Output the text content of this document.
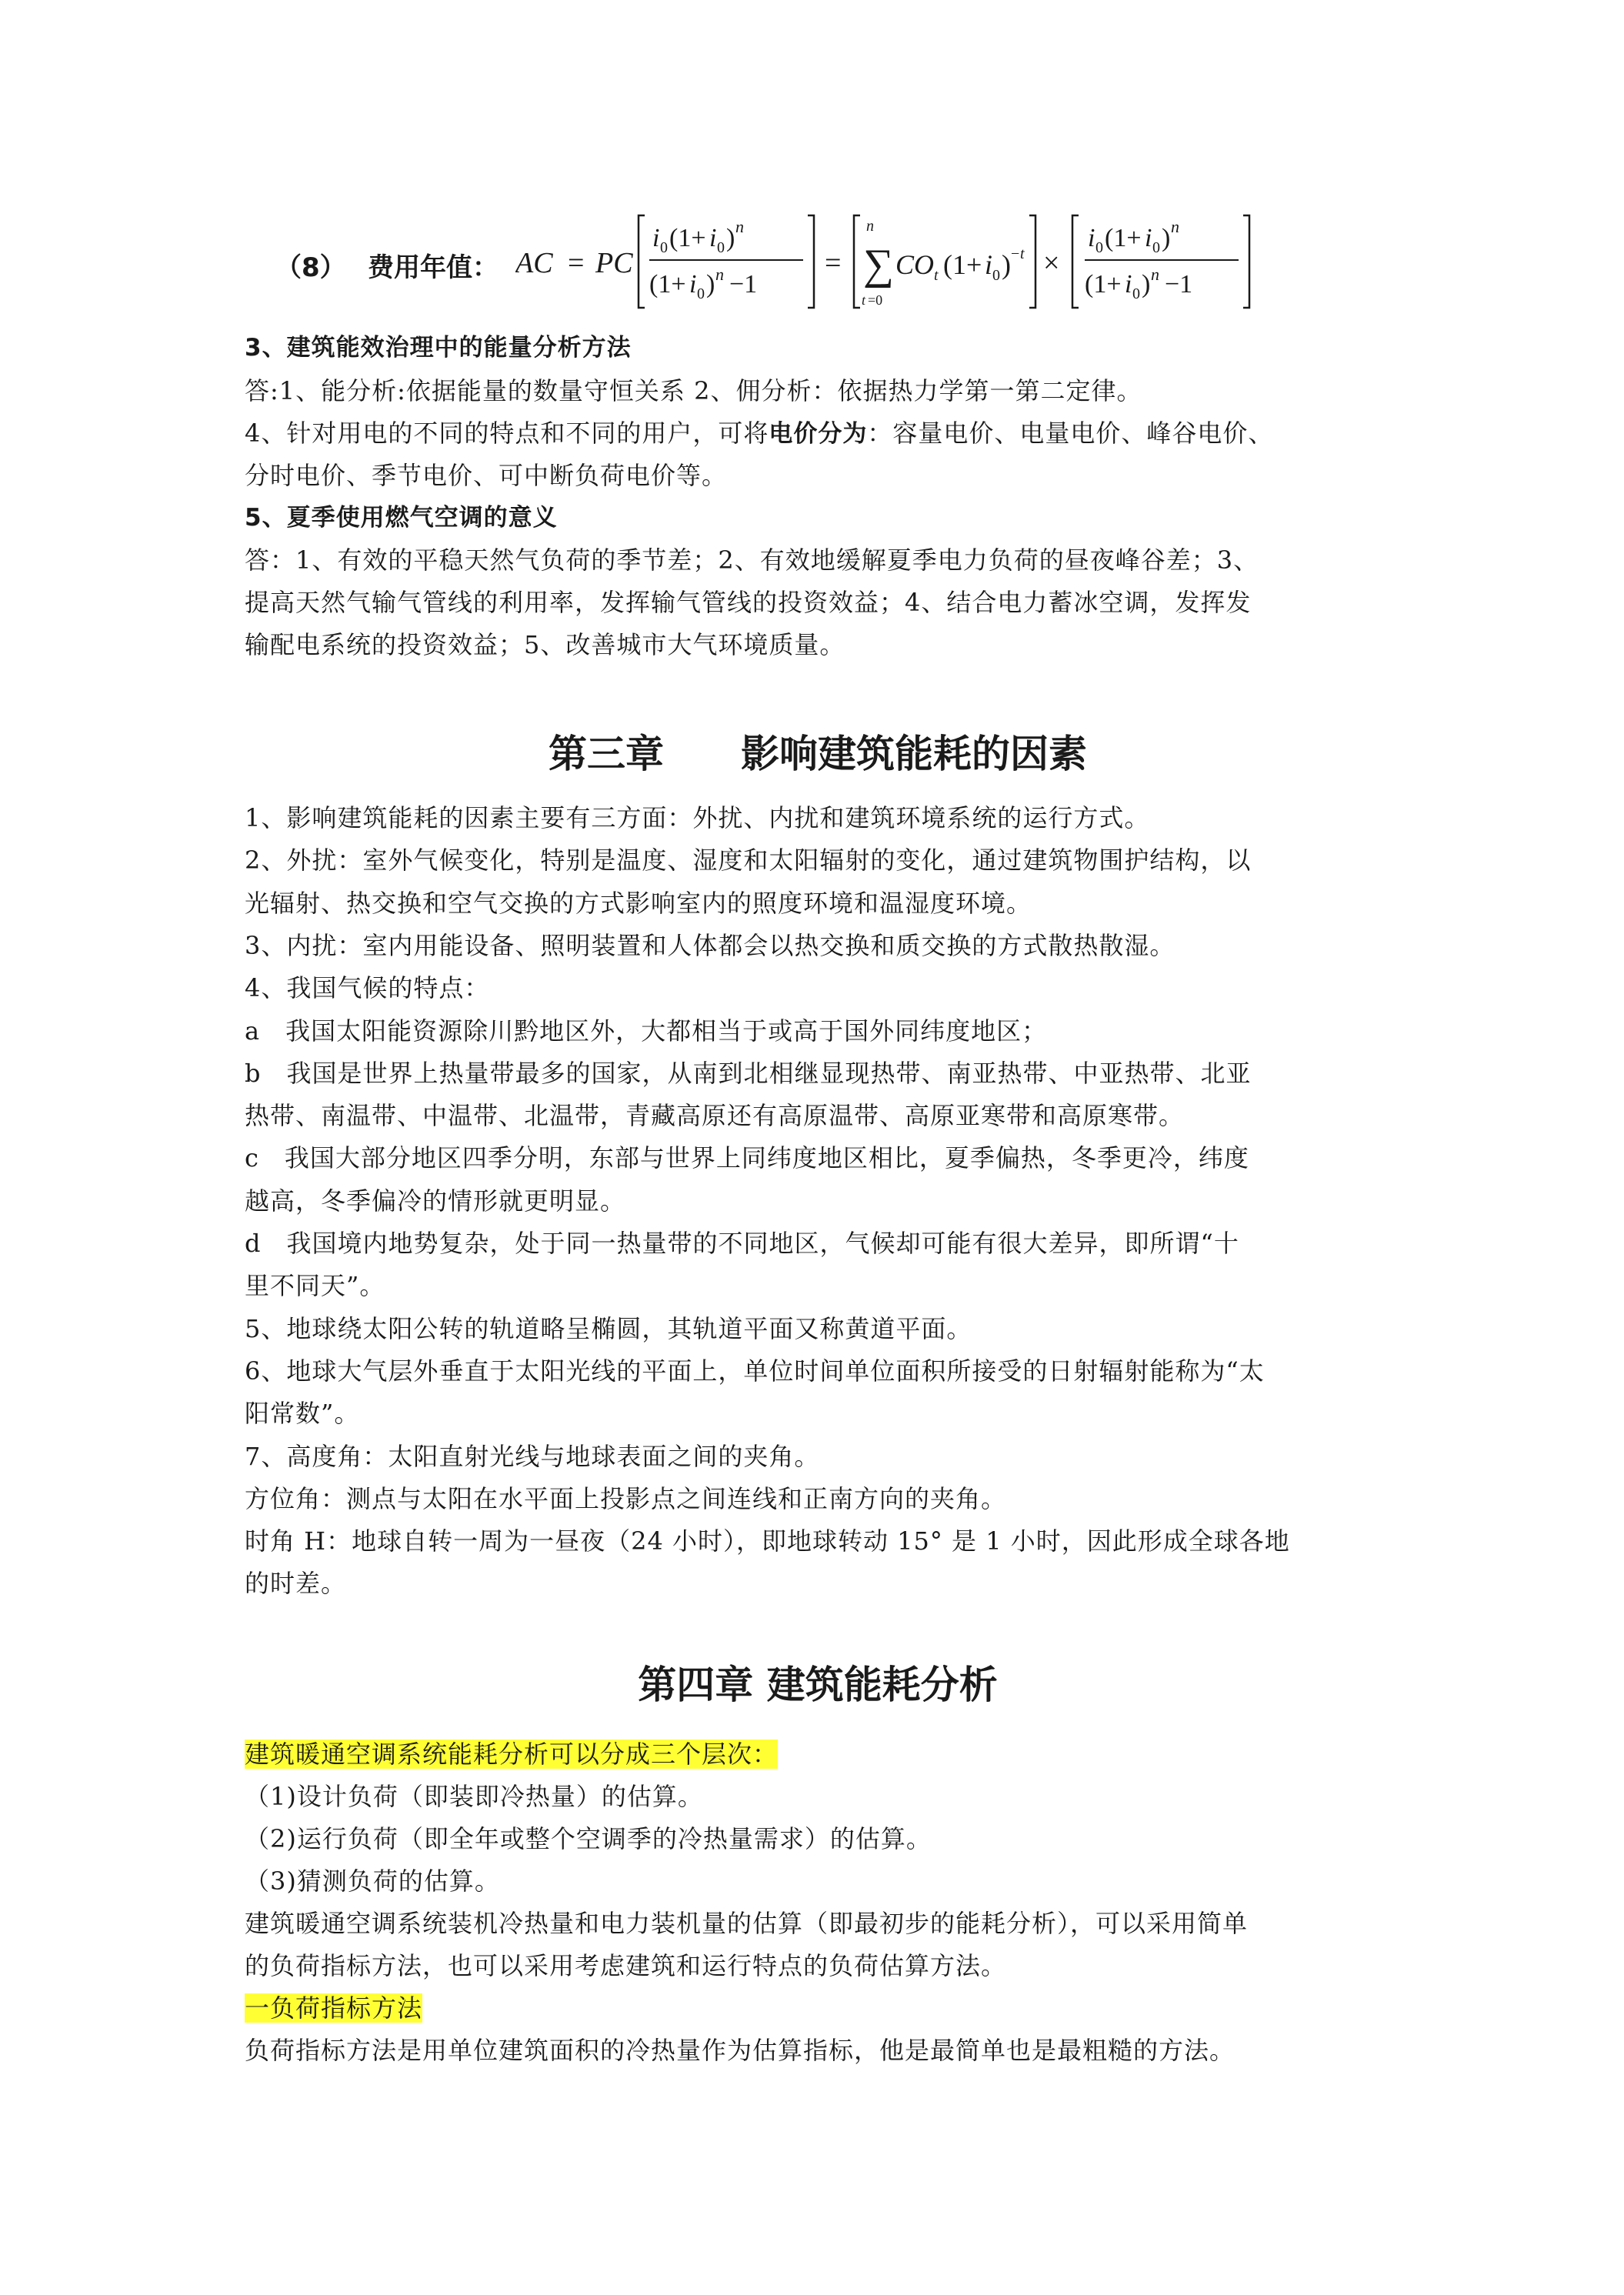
（8） 费用年值： AC = PC
i 0 (1+ i 0 ) n
(1+ i 0 ) n −1
=
n
∑
t =0
CO t (1+ i 0 ) − t ×
i 0 (1+ i 0 ) n
(1+ i 0 ) n −1
3、建筑能效治理中的能量分析方法
答:1、能分析:依据能量的数量守恒关系 2、佣分析：依据热力学第一第二定律。
4、针对用电的不同的特点和不同的用户，可将电价分为：容量电价、电量电价、峰谷电价、
分时电价、季节电价、可中断负荷电价等。
5、夏季使用燃气空调的意义
答：1、有效的平稳天然气负荷的季节差；2、有效地缓解夏季电力负荷的昼夜峰谷差；3、
提高天然气输气管线的利用率，发挥输气管线的投资效益；4、结合电力蓄冰空调，发挥发
输配电系统的投资效益；5、改善城市大气环境质量。
第三章　　影响建筑能耗的因素
1、影响建筑能耗的因素主要有三方面：外扰、内扰和建筑环境系统的运行方式。
2、外扰：室外气候变化，特别是温度、湿度和太阳辐射的变化，通过建筑物围护结构，以
光辐射、热交换和空气交换的方式影响室内的照度环境和温湿度环境。
3、内扰：室内用能设备、照明装置和人体都会以热交换和质交换的方式散热散湿。
4、我国气候的特点：
a　我国太阳能资源除川黔地区外，大都相当于或高于国外同纬度地区；
b　我国是世界上热量带最多的国家，从南到北相继显现热带、南亚热带、中亚热带、北亚
热带、南温带、中温带、北温带，青藏高原还有高原温带、高原亚寒带和高原寒带。
c　我国大部分地区四季分明，东部与世界上同纬度地区相比，夏季偏热，冬季更冷，纬度
越高，冬季偏冷的情形就更明显。
d　我国境内地势复杂，处于同一热量带的不同地区，气候却可能有很大差异，即所谓“十
里不同天”。
5、地球绕太阳公转的轨道略呈椭圆，其轨道平面又称黄道平面。
6、地球大气层外垂直于太阳光线的平面上，单位时间单位面积所接受的日射辐射能称为“太
阳常数”。
7、高度角：太阳直射光线与地球表面之间的夹角。
方位角：测点与太阳在水平面上投影点之间连线和正南方向的夹角。
时角 H：地球自转一周为一昼夜（24 小时），即地球转动 15° 是 1 小时，因此形成全球各地
的时差。
第四章 建筑能耗分析
建筑暖通空调系统能耗分析可以分成三个层次：
（1)设计负荷（即装即冷热量）的估算。
（2)运行负荷（即全年或整个空调季的冷热量需求）的估算。
（3)猜测负荷的估算。
建筑暖通空调系统装机冷热量和电力装机量的估算（即最初步的能耗分析），可以采用简单
的负荷指标方法，也可以采用考虑建筑和运行特点的负荷估算方法。
一负荷指标方法
负荷指标方法是用单位建筑面积的冷热量作为估算指标，他是最简单也是最粗糙的方法。
